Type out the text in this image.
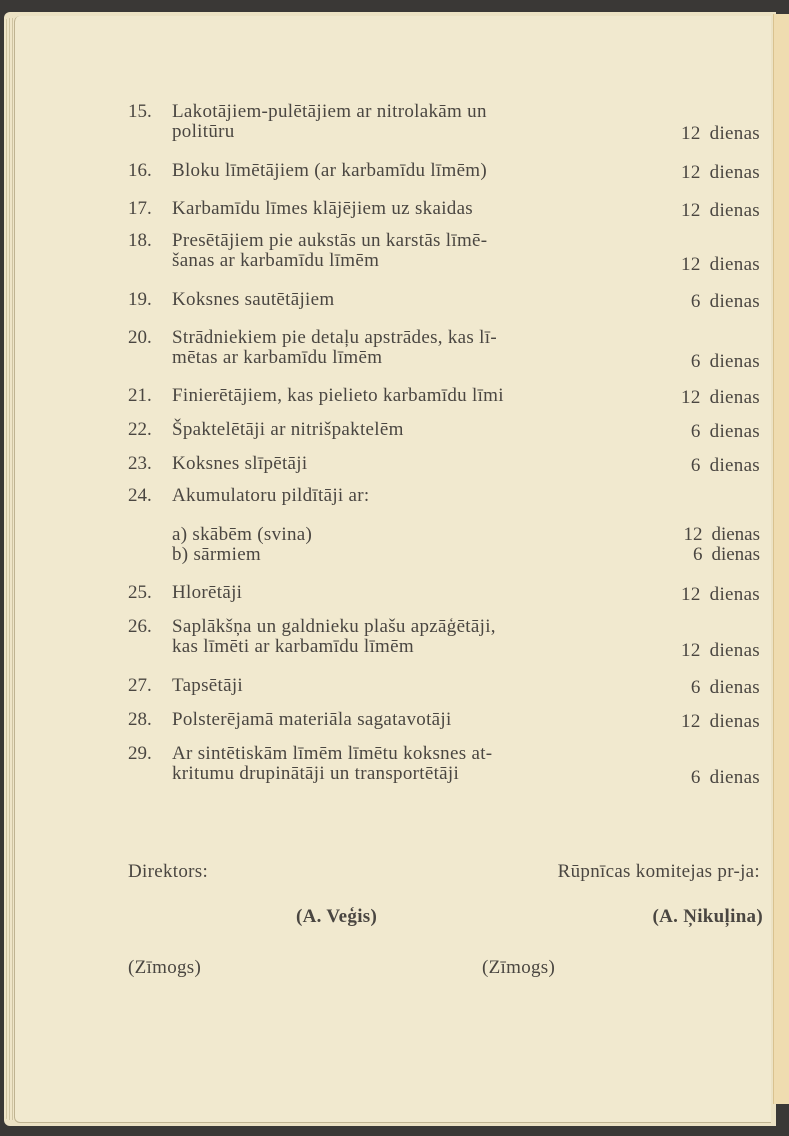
15. Lakotājiem-pulētājiem ar nitrolakām un
politūru	12 dienas
16. Bloku līmētājiem (ar karbamīdu līmēm)	12 dienas
17. Karbamīdu līmes klājējiem uz skaidas	12 dienas
18. Presētājiem pie aukstās un karstās līmē-
šanas ar karbamīdu līmēm	12 dienas
19. Koksnes sautētājiem	6 dienas
20. Strādniekiem pie detaļu apstrādes, kas lī-
mētas ar karbamīdu līmēm	6 dienas
21. Finierētājiem, kas pielieto karbamīdu līmi	12 dienas
22. Špaktelētāji ar nitrišpaktelēm	6 dienas
23. Koksnes slīpētāji	6 dienas
24. Akumulatoru pildītāji ar:
a) skābēm (svina)	12 dienas
b) sārmiem	6 dienas
25. Hlorētāji	12 dienas
26. Saplākšņa un galdnieku plašu apzāģētāji,
kas līmēti ar karbamīdu līmēm	12 dienas
27. Tapsētāji	6 dienas
28. Polsterējamā materiāla sagatavotāji	12 dienas
29. Ar sintētiskām līmēm līmētu koksnes at-
kritumu drupinātāji un transportētāji	6 dienas
Direktors:	Rūpnīcas komitejas pr-ja:
(A. Veģis)	(A. Ņikuļina)
(Zīmogs)	(Zīmogs)
